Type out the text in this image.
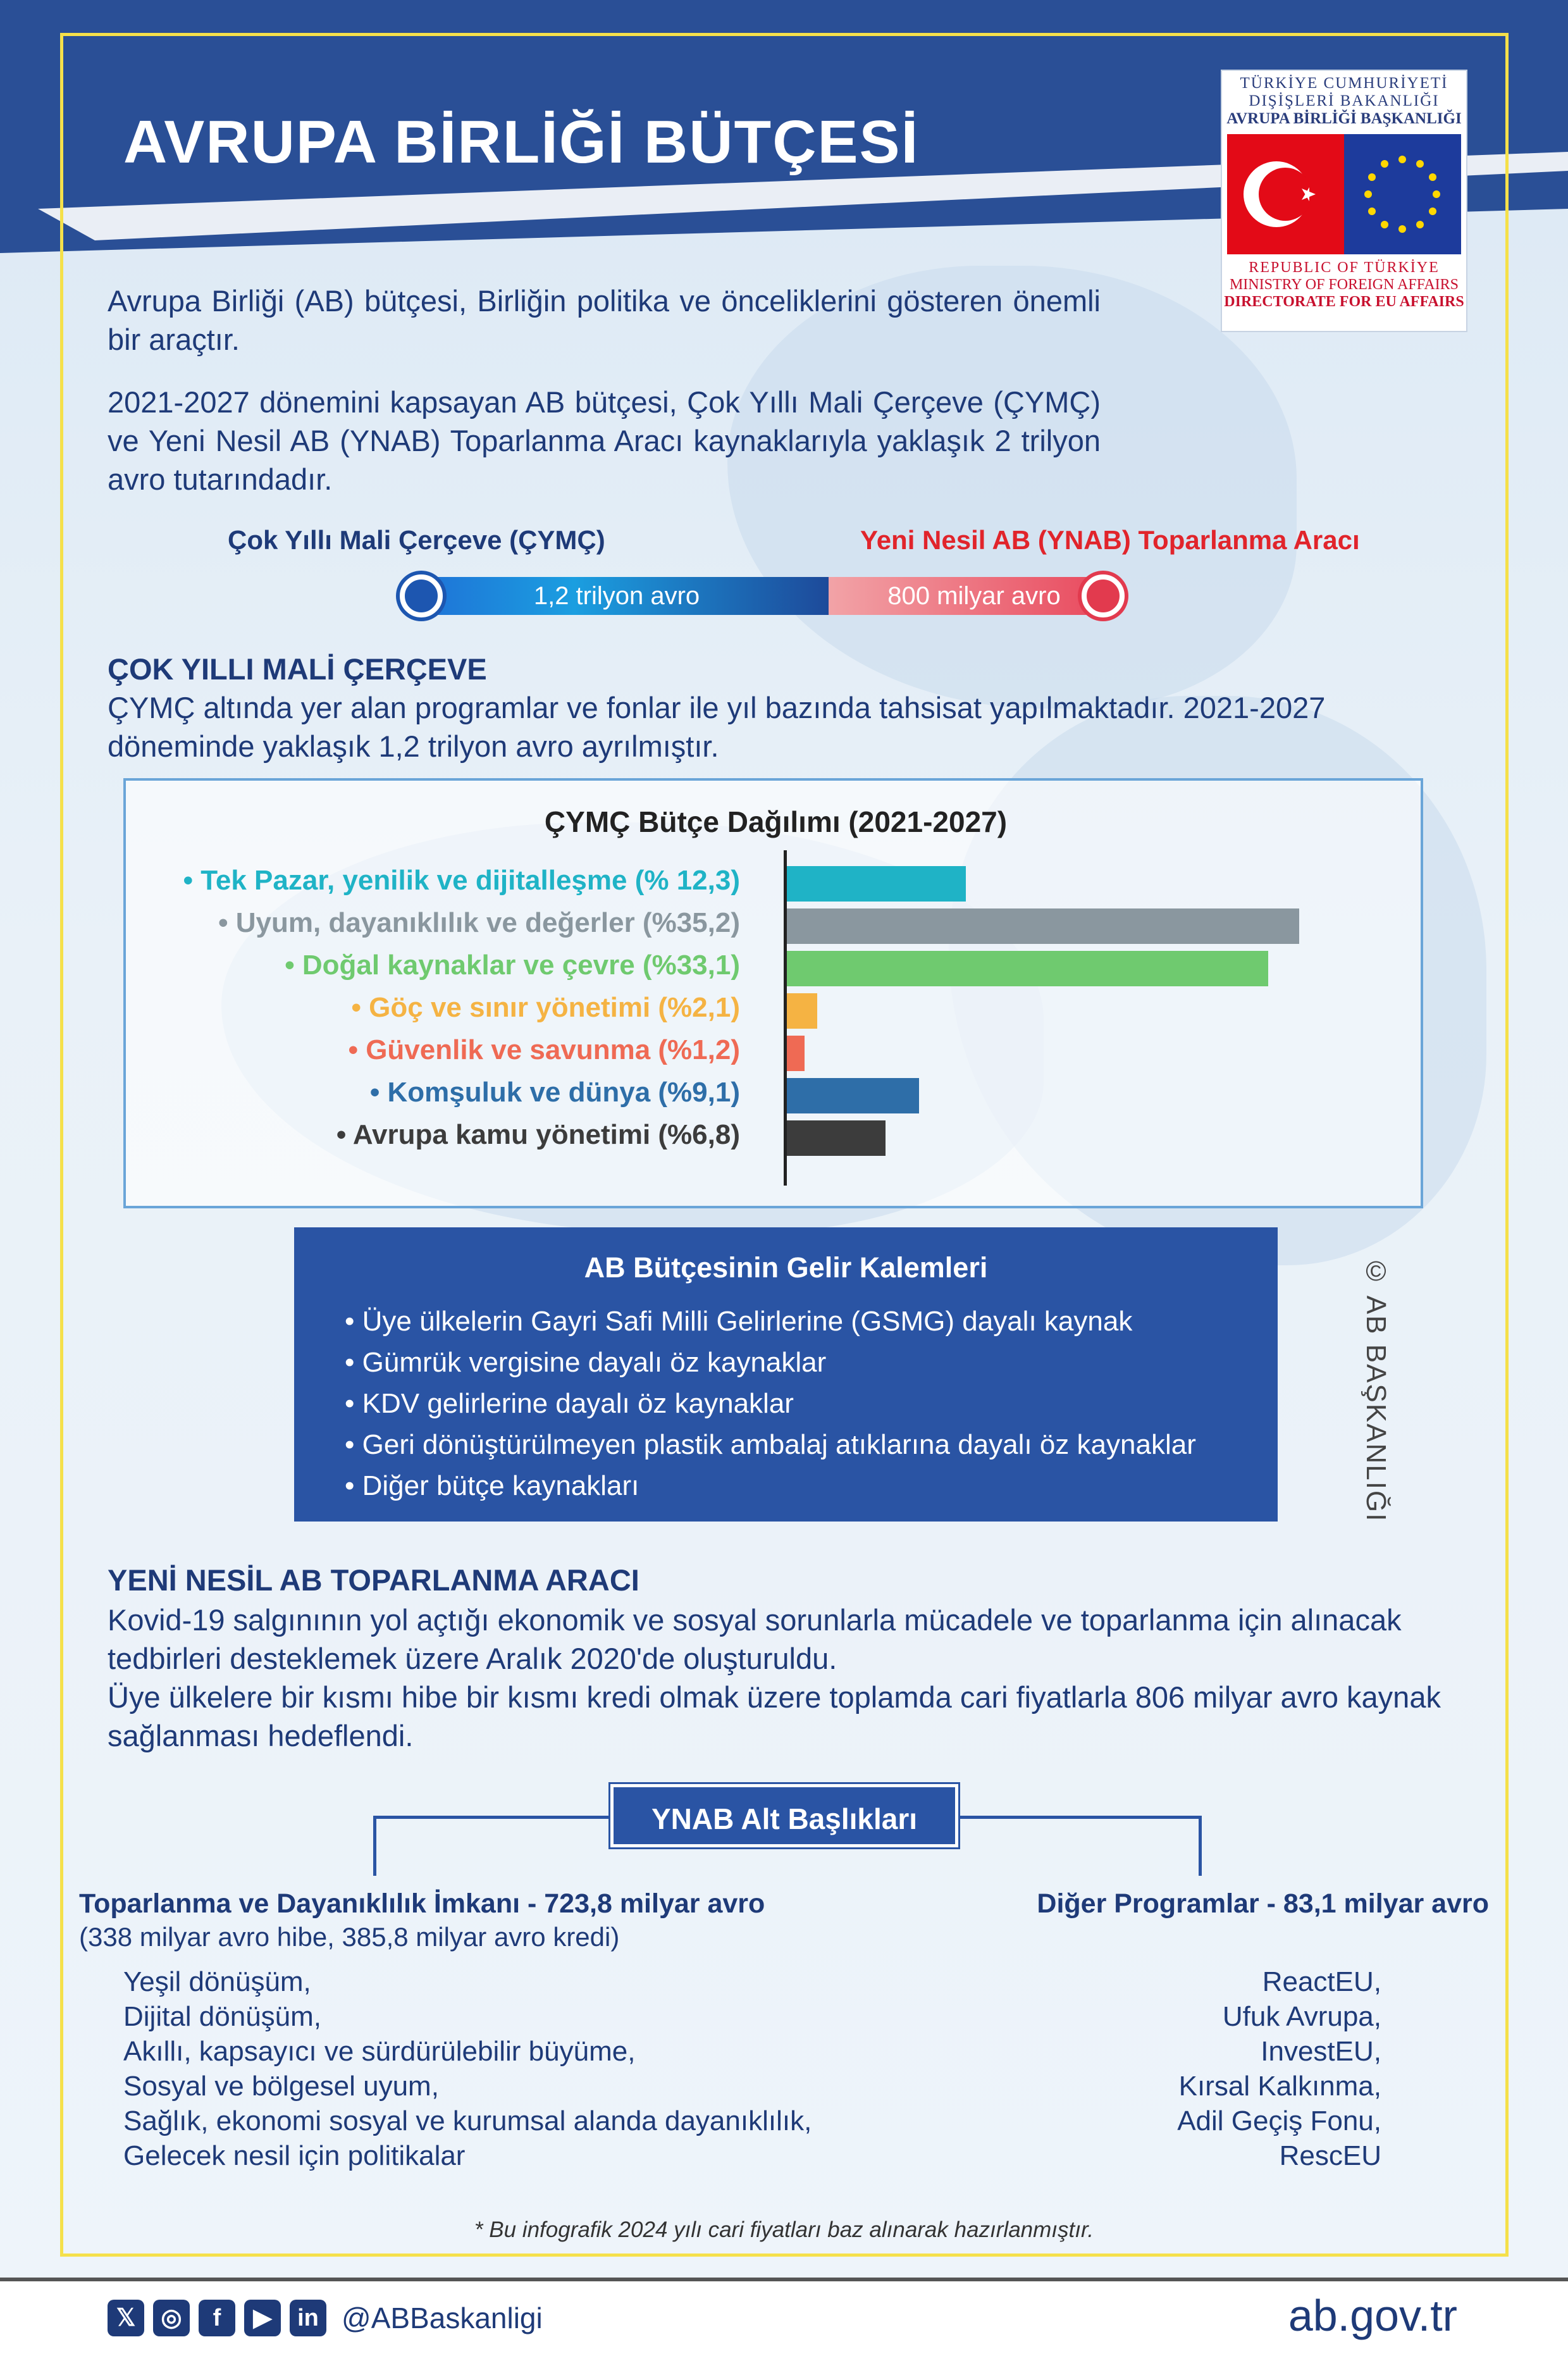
AVRUPA BİRLİĞİ BÜTÇESİ
TÜRKİYE CUMHURİYETİ
DIŞİŞLERİ BAKANLIĞI
AVRUPA BİRLİĞİ BAŞKANLIĞI
REPUBLIC OF TÜRKİYE
MINISTRY OF FOREIGN AFFAIRS
DIRECTORATE FOR EU AFFAIRS
Avrupa Birliği (AB) bütçesi, Birliğin politika ve önceliklerini gösteren önemli bir araçtır.
2021-2027 dönemini kapsayan AB bütçesi, Çok Yıllı Mali Çerçeve (ÇYMÇ) ve Yeni Nesil AB (YNAB) Toparlanma Aracı kaynaklarıyla yaklaşık 2 trilyon avro tutarındadır.
Çok Yıllı Mali Çerçeve (ÇYMÇ)	Yeni Nesil AB (YNAB) Toparlanma Aracı
1,2 trilyon avro	800 milyar avro
ÇOK YILLI MALİ ÇERÇEVE
ÇYMÇ altında yer alan programlar ve fonlar ile yıl bazında tahsisat yapılmaktadır. 2021-2027 döneminde yaklaşık 1,2 trilyon avro ayrılmıştır.
ÇYMÇ Bütçe Dağılımı (2021-2027)
• Tek Pazar, yenilik ve dijitalleşme (% 12,3)
• Uyum, dayanıklılık ve değerler (%35,2)
• Doğal kaynaklar ve çevre (%33,1)
• Göç ve sınır yönetimi (%2,1)
• Güvenlik ve savunma (%1,2)
• Komşuluk ve dünya (%9,1)
• Avrupa kamu yönetimi (%6,8)
AB Bütçesinin Gelir Kalemleri
• Üye ülkelerin Gayri Safi Milli Gelirlerine (GSMG) dayalı kaynak
• Gümrük vergisine dayalı öz kaynaklar
• KDV gelirlerine dayalı öz kaynaklar
• Geri dönüştürülmeyen plastik ambalaj atıklarına dayalı öz kaynaklar
• Diğer bütçe kaynakları	© AB BAŞKANLIĞI
YENİ NESİL AB TOPARLANMA ARACI
Kovid-19 salgınının yol açtığı ekonomik ve sosyal sorunlarla mücadele ve toparlanma için alınacak tedbirleri desteklemek üzere Aralık 2020'de oluşturuldu.
Üye ülkelere bir kısmı hibe bir kısmı kredi olmak üzere toplamda cari fiyatlarla 806 milyar avro kaynak sağlanması hedeflendi.
YNAB Alt Başlıkları
Toparlanma ve Dayanıklılık İmkanı - 723,8 milyar avro
(338 milyar avro hibe, 385,8 milyar avro kredi)
Diğer Programlar - 83,1 milyar avro
Yeşil dönüşüm,
Dijital dönüşüm,
Akıllı, kapsayıcı ve sürdürülebilir büyüme,
Sosyal ve bölgesel uyum,
Sağlık, ekonomi sosyal ve kurumsal alanda dayanıklılık,
Gelecek nesil için politikalar
ReactEU,
Ufuk Avrupa,
InvestEU,
Kırsal Kalkınma,
Adil Geçiş Fonu,
RescEU
* Bu infografik 2024 yılı cari fiyatları baz alınarak hazırlanmıştır.
𝕏	◎	f	▶	in @ABBaskanligi	ab.gov.tr
